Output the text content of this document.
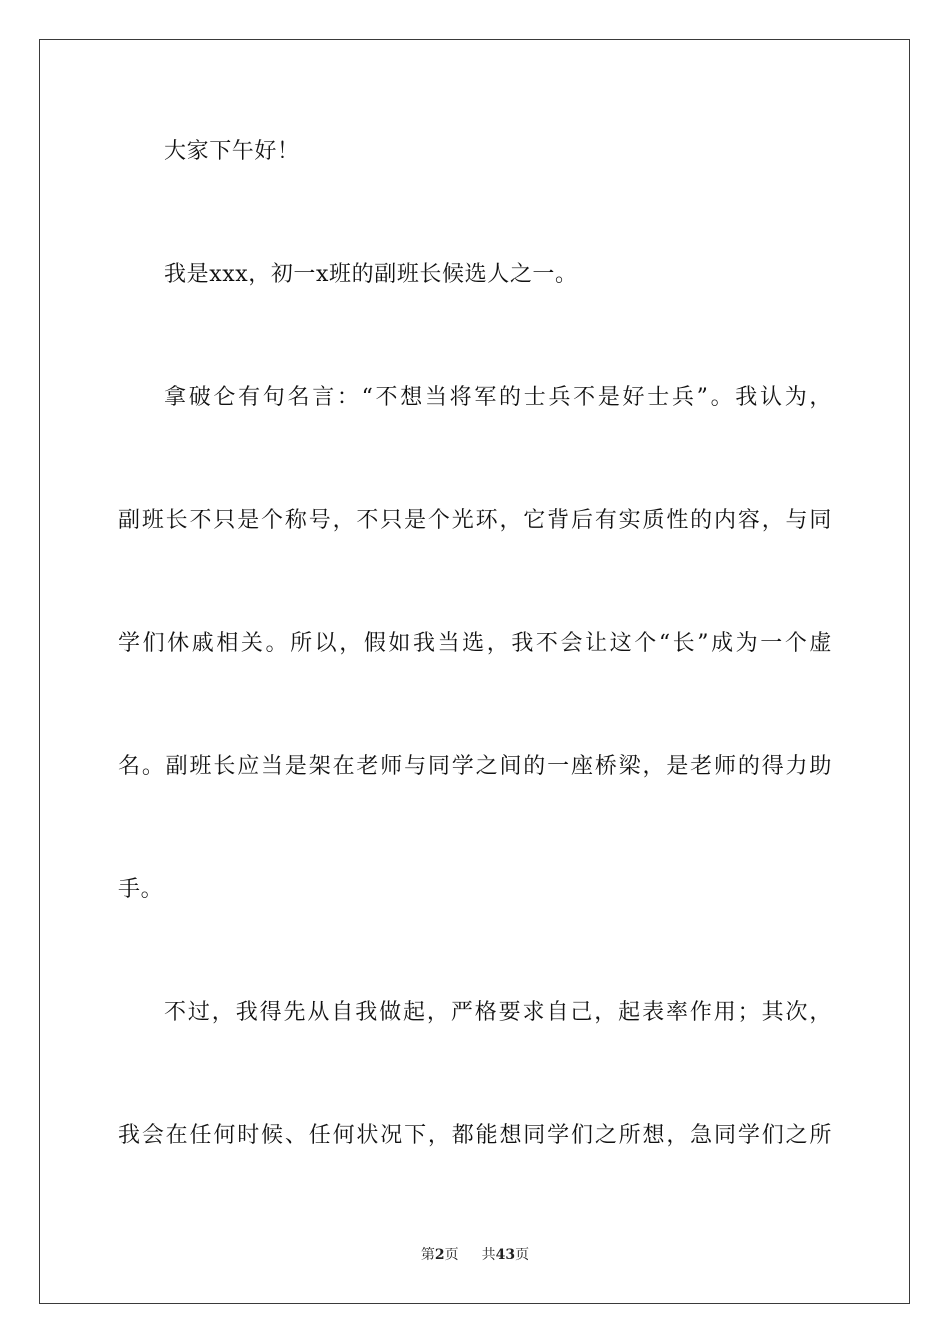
大家下午好！
我是xxx，初一x班的副班长候选人之一。
拿破仑有句名言：“不想当将军的士兵不是好士兵”。我认为，
副班长不只是个称号，不只是个光环，它背后有实质性的内容，与同
学们休戚相关。所以，假如我当选，我不会让这个“长”成为一个虚
名。副班长应当是架在老师与同学之间的一座桥梁，是老师的得力助
手。
不过，我得先从自我做起，严格要求自己，起表率作用；其次，
我会在任何时候、任何状况下，都能想同学们之所想，急同学们之所
第2页 共43页
